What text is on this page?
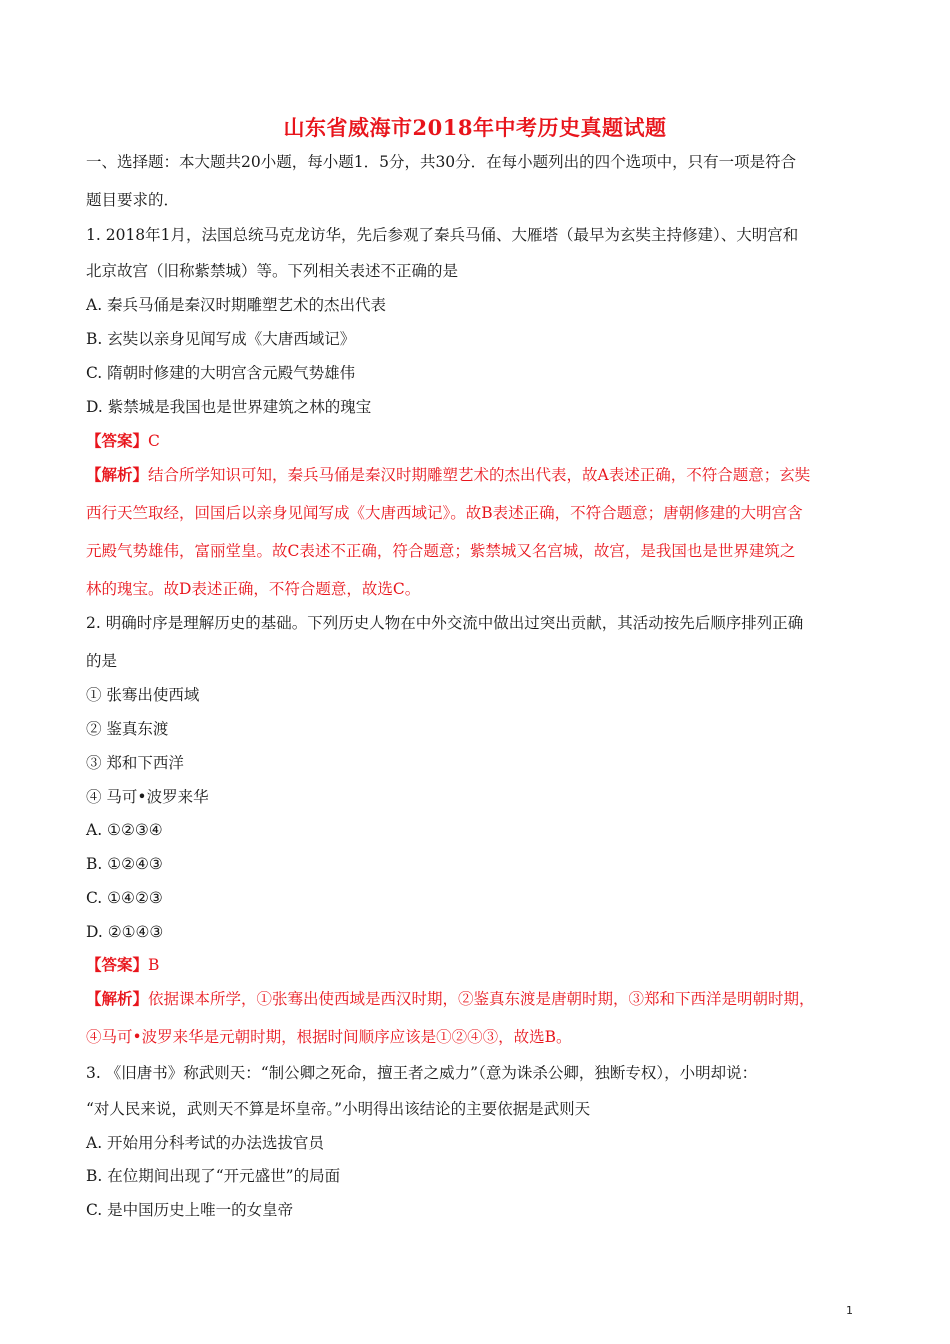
山东省威海市2018年中考历史真题试题
一、选择题：本大题共20小题，每小题1．5分，共30分．在每小题列出的四个选项中，只有一项是符合
题目要求的．
1. 2018年1月，法国总统马克龙访华，先后参观了秦兵马俑、大雁塔（最早为玄奘主持修建）、大明宫和
北京故宫（旧称紫禁城）等。下列相关表述不正确的是
A. 秦兵马俑是秦汉时期雕塑艺术的杰出代表
B. 玄奘以亲身见闻写成《大唐西域记》
C. 隋朝时修建的大明宫含元殿气势雄伟
D. 紫禁城是我国也是世界建筑之林的瑰宝
【答案】C
【解析】结合所学知识可知，秦兵马俑是秦汉时期雕塑艺术的杰出代表，故A表述正确，不符合题意；玄奘
西行天竺取经，回国后以亲身见闻写成《大唐西域记》。故B表述正确，不符合题意；唐朝修建的大明宫含
元殿气势雄伟，富丽堂皇。故C表述不正确，符合题意；紫禁城又名宫城，故宫，是我国也是世界建筑之
林的瑰宝。故D表述正确，不符合题意，故选C。
2. 明确时序是理解历史的基础。下列历史人物在中外交流中做出过突出贡献，其活动按先后顺序排列正确
的是
① 张骞出使西域
② 鉴真东渡
③ 郑和下西洋
④ 马可•波罗来华
A. ①②③④
B. ①②④③
C. ①④②③
D. ②①④③
【答案】B
【解析】依据课本所学，①张骞出使西域是西汉时期，②鉴真东渡是唐朝时期，③郑和下西洋是明朝时期，
④马可•波罗来华是元朝时期，根据时间顺序应该是①②④③，故选B。
3. 《旧唐书》称武则天：“制公卿之死命，擅王者之威力”（意为诛杀公卿，独断专权），小明却说：
“对人民来说，武则天不算是坏皇帝。”小明得出该结论的主要依据是武则天
A. 开始用分科考试的办法选拔官员
B. 在位期间出现了“开元盛世”的局面
C. 是中国历史上唯一的女皇帝
1
